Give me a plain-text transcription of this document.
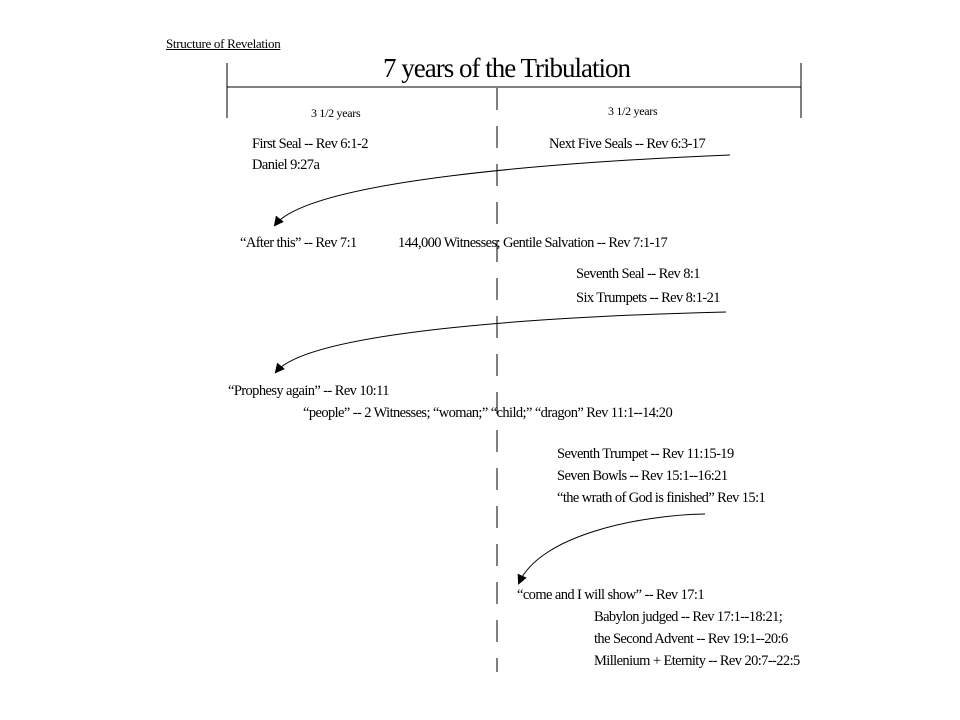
Structure of Revelation
7 years of the Tribulation
3 1/2 years	3 1/2 years
First Seal -- Rev 6:1-2
Daniel 9:27a
Next Five Seals -- Rev 6:3-17
“After this” -- Rev 7:1	144,000 Witnesses; Gentile Salvation -- Rev 7:1-17
Seventh Seal -- Rev 8:1
Six Trumpets -- Rev 8:1-21
“Prophesy again” -- Rev 10:11
“people” -- 2 Witnesses; “woman;” “child;” “dragon” Rev 11:1--14:20
Seventh Trumpet -- Rev 11:15-19
Seven Bowls -- Rev 15:1--16:21
“the wrath of God is finished” Rev 15:1
“come and I will show” -- Rev 17:1
Babylon judged -- Rev 17:1--18:21;
the Second Advent -- Rev 19:1--20:6
Millenium + Eternity -- Rev 20:7--22:5
